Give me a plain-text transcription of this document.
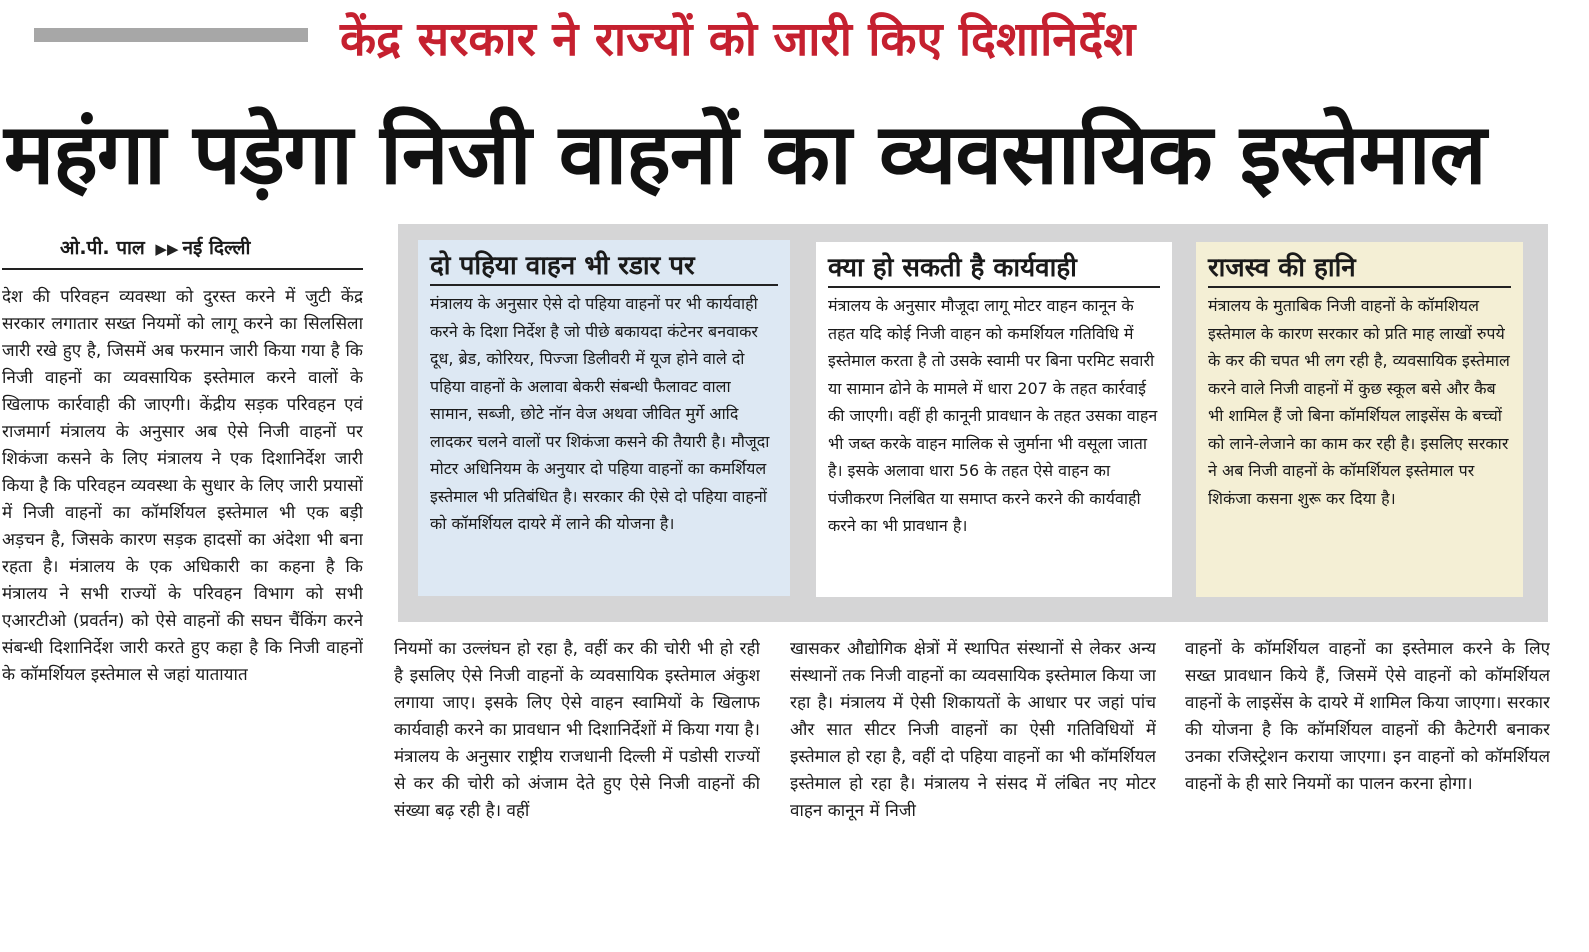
केंद्र सरकार ने राज्यों को जारी किए दिशानिर्देश
महंगा पड़ेगा निजी वाहनों का व्यवसायिक इस्तेमाल
ओ.पी. पाल ▶▶ नई दिल्ली
देश की परिवहन व्यवस्था को दुरस्त करने में जुटी केंद्र सरकार लगातार सख्त नियमों को लागू करने का सिलसिला जारी रखे हुए है, जिसमें अब फरमान जारी किया गया है कि निजी वाहनों का व्यवसायिक इस्तेमाल करने वालों के खिलाफ कार्रवाही की जाएगी। केंद्रीय सड़क परिवहन एवं राजमार्ग मंत्रालय के अनुसार अब ऐसे निजी वाहनों पर शिकंजा कसने के लिए मंत्रालय ने एक दिशानिर्देश जारी किया है कि परिवहन व्यवस्था के सुधार के लिए जारी प्रयासों में निजी वाहनों का कॉमर्शियल इस्तेमाल भी एक बड़ी अड़चन है, जिसके कारण सड़क हादसों का अंदेशा भी बना रहता है। मंत्रालय के एक अधिकारी का कहना है कि मंत्रालय ने सभी राज्यों के परिवहन विभाग को सभी एआरटीओ (प्रवर्तन) को ऐसे वाहनों की सघन चैंकिंग करने संबन्धी दिशानिर्देश जारी करते हुए कहा है कि निजी वाहनों के कॉमर्शियल इस्तेमाल से जहां यातायात
दो पहिया वाहन भी रडार पर
मंत्रालय के अनुसार ऐसे दो पहिया वाहनों पर भी कार्यवाही करने के दिशा निर्देश है जो पीछे बकायदा कंटेनर बनवाकर दूध, ब्रेड, कोरियर, पिज्जा डिलीवरी में यूज होने वाले दो पहिया वाहनों के अलावा बेकरी संबन्धी फैलावट वाला सामान, सब्जी, छोटे नॉन वेज अथवा जीवित मुर्गे आदि लादकर चलने वालों पर शिकंजा कसने की तैयारी है। मौजूदा मोटर अधिनियम के अनुयार दो पहिया वाहनों का कमर्शियल इस्तेमाल भी प्रतिबंधित है। सरकार की ऐसे दो पहिया वाहनों को कॉमर्शियल दायरे में लाने की योजना है।
क्या हो सकती है कार्यवाही
मंत्रालय के अनुसार मौजूदा लागू मोटर वाहन कानून के तहत यदि कोई निजी वाहन को कमर्शियल गतिविधि में इस्तेमाल करता है तो उसके स्वामी पर बिना परमिट सवारी या सामान ढोने के मामले में धारा 207 के तहत कार्रवाई की जाएगी। वहीं ही कानूनी प्रावधान के तहत उसका वाहन भी जब्त करके वाहन मालिक से जुर्माना भी वसूला जाता है। इसके अलावा धारा 56 के तहत ऐसे वाहन का पंजीकरण निलंबित या समाप्त करने करने की कार्यवाही करने का भी प्रावधान है।
राजस्व की हानि
मंत्रालय के मुताबिक निजी वाहनों के कॉमशियल इस्तेमाल के कारण सरकार को प्रति माह लाखों रुपये के कर की चपत भी लग रही है, व्यवसायिक इस्तेमाल करने वाले निजी वाहनों में कुछ स्कूल बसे और कैब भी शामिल हैं जो बिना कॉमर्शियल लाइसेंस के बच्चों को लाने-लेजाने का काम कर रही है। इसलिए सरकार ने अब निजी वाहनों के कॉमर्शियल इस्तेमाल पर शिकंजा कसना शुरू कर दिया है।
नियमों का उल्लंघन हो रहा है, वहीं कर की चोरी भी हो रही है इसलिए ऐसे निजी वाहनों के व्यवसायिक इस्तेमाल अंकुश लगाया जाए। इसके लिए ऐसे वाहन स्वामियों के खिलाफ कार्यवाही करने का प्रावधान भी दिशानिर्देशों में किया गया है। मंत्रालय के अनुसार राष्ट्रीय राजधानी दिल्ली में पडोसी राज्यों से कर की चोरी को अंजाम देते हुए ऐसे निजी वाहनों की संख्या बढ़ रही है। वहीं
खासकर औद्योगिक क्षेत्रों में स्थापित संस्थानों से लेकर अन्य संस्थानों तक निजी वाहनों का व्यवसायिक इस्तेमाल किया जा रहा है। मंत्रालय में ऐसी शिकायतों के आधार पर जहां पांच और सात सीटर निजी वाहनों का ऐसी गतिविधियों में इस्तेमाल हो रहा है, वहीं दो पहिया वाहनों का भी कॉमर्शियल इस्तेमाल हो रहा है। मंत्रालय ने संसद में लंबित नए मोटर वाहन कानून में निजी
वाहनों के कॉमर्शियल वाहनों का इस्तेमाल करने के लिए सख्त प्रावधान किये हैं, जिसमें ऐसे वाहनों को कॉमर्शियल वाहनों के लाइसेंस के दायरे में शामिल किया जाएगा। सरकार की योजना है कि कॉमर्शियल वाहनों की कैटेगरी बनाकर उनका रजिस्ट्रेशन कराया जाएगा। इन वाहनों को कॉमर्शियल वाहनों के ही सारे नियमों का पालन करना होगा।
